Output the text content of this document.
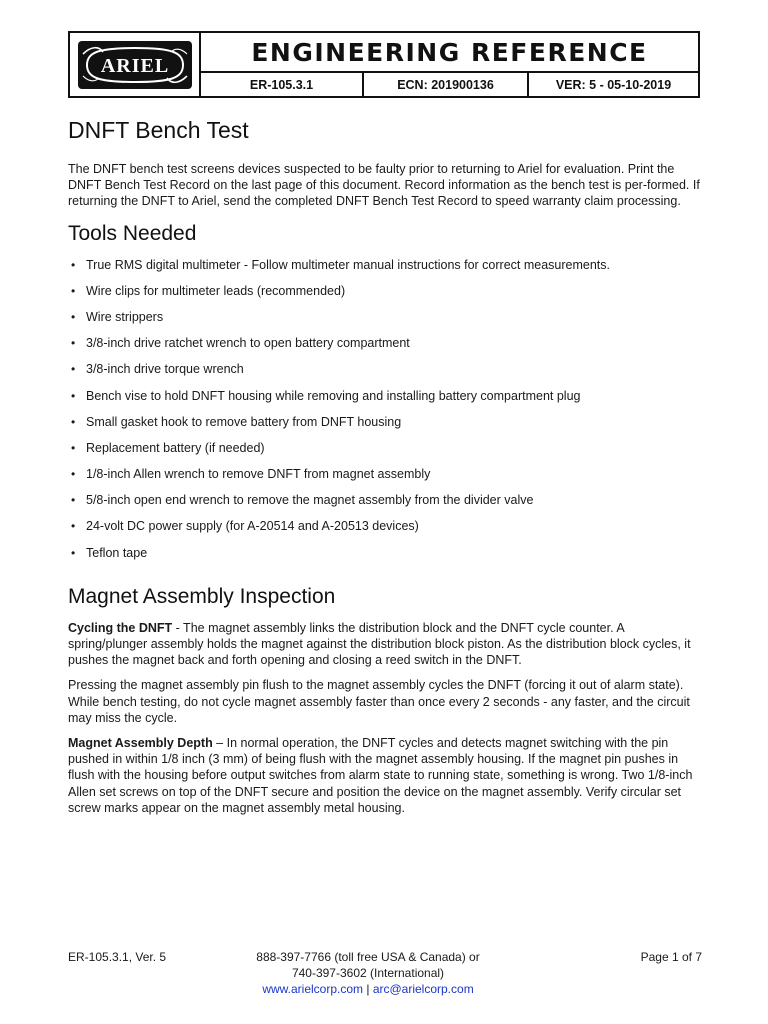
ARIEL	ENGINEERING REFERENCE
ER-105.3.1	ECN: 201900136	VER: 5 - 05-10-2019
DNFT Bench Test

The DNFT bench test screens devices suspected to be faulty prior to returning to Ariel for evaluation. Print the DNFT Bench Test Record on the last page of this document. Record information as the bench test is per-formed. If returning the DNFT to Ariel, send the completed DNFT Bench Test Record to speed warranty claim processing.

Tools Needed
• True RMS digital multimeter - Follow multimeter manual instructions for correct measurements.
• Wire clips for multimeter leads (recommended)
• Wire strippers
• 3/8-inch drive ratchet wrench to open battery compartment
• 3/8-inch drive torque wrench
• Bench vise to hold DNFT housing while removing and installing battery compartment plug
• Small gasket hook to remove battery from DNFT housing
• Replacement battery (if needed)
• 1/8-inch Allen wrench to remove DNFT from magnet assembly
• 5/8-inch open end wrench to remove the magnet assembly from the divider valve
• 24-volt DC power supply (for A-20514 and A-20513 devices)
• Teflon tape
Magnet Assembly Inspection

Cycling the DNFT - The magnet assembly links the distribution block and the DNFT cycle counter. A spring/plunger assembly holds the magnet against the distribution block piston. As the distribution block cycles, it pushes the magnet back and forth opening and closing a reed switch in the DNFT.

Pressing the magnet assembly pin flush to the magnet assembly cycles the DNFT (forcing it out of alarm state). While bench testing, do not cycle magnet assembly faster than once every 2 seconds - any faster, and the circuit may miss the cycle.

Magnet Assembly Depth – In normal operation, the DNFT cycles and detects magnet switching with the pin pushed in within 1/8 inch (3 mm) of being flush with the magnet assembly housing. If the magnet pin pushes in flush with the housing before output switches from alarm state to running state, something is wrong. Two 1/8-inch Allen set screws on top of the DNFT secure and position the device on the magnet assembly. Verify circular set screw marks appear on the magnet assembly metal housing.

ER-105.3.1, Ver. 5	888-397-7766 (toll free USA & Canada) or
740-397-3602 (International)
www.arielcorp.com | arc@arielcorp.com
Page 1 of 7
